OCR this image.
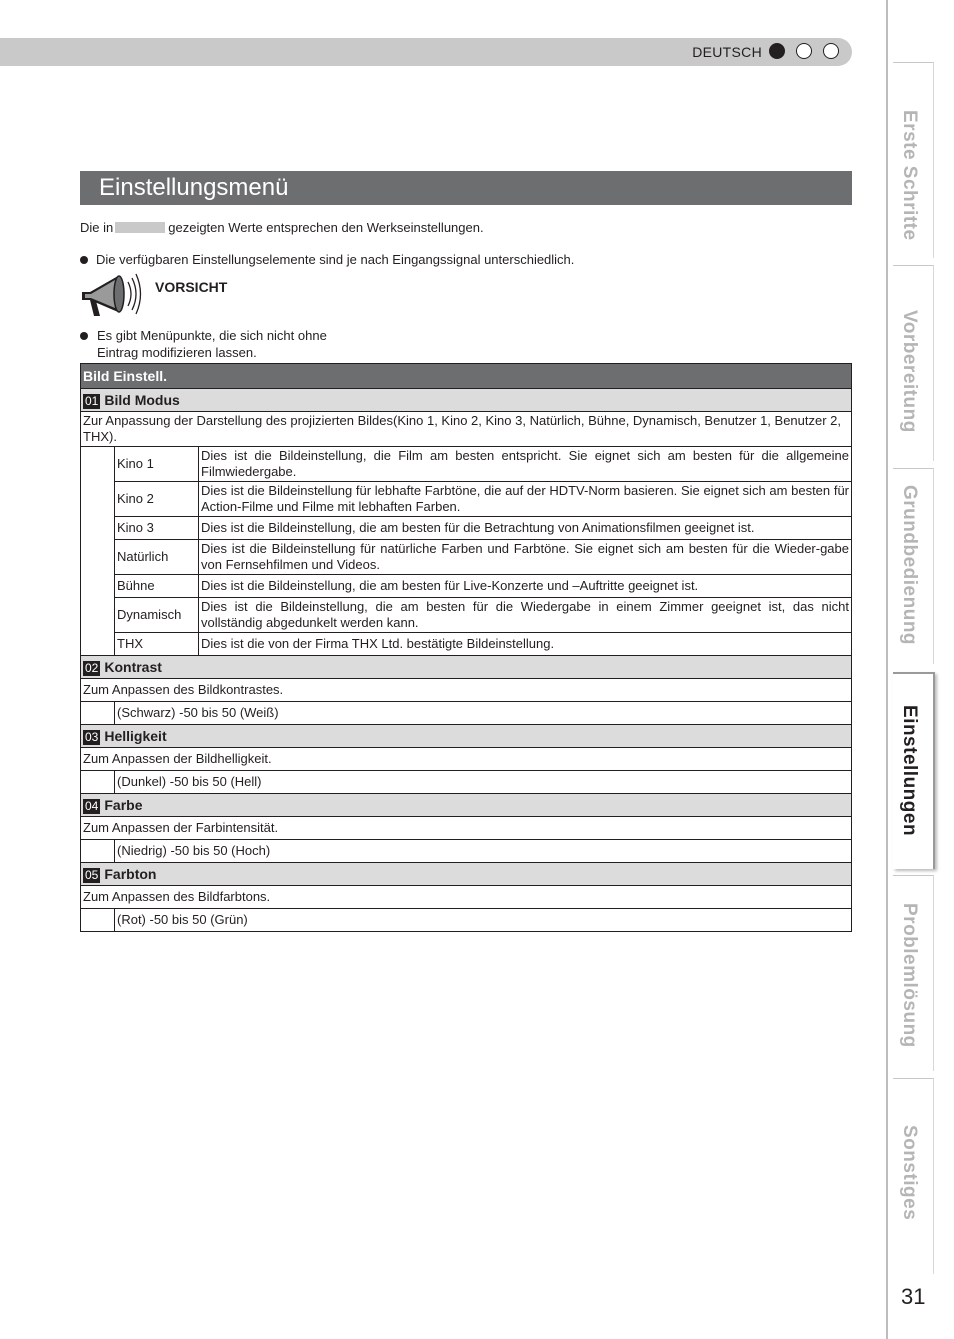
DEUTSCH
Einstellungsmenü
Die in	gezeigten Werte entsprechen den Werkseinstellungen.
Die verfügbaren Einstellungselemente sind je nach Eingangssignal unterschiedlich.
VORSICHT
Es gibt Menüpunkte, die sich nicht ohne
Eintrag modifizieren lassen.
Bild Einstell.		
01 Bild Modus		
Zur Anpassung der Darstellung des projizierten Bildes(Kino 1, Kino 2, Kino 3, Natürlich, Bühne, Dynamisch, Benutzer 1, Benutzer 2, THX).		
	Kino 1	Dies ist die Bildeinstellung, die Film am besten entspricht. Sie eignet sich am besten für die allgemeine Filmwiedergabe.
	Kino 2	Dies ist die Bildeinstellung für lebhafte Farbtöne, die auf der HDTV-Norm basieren. Sie eignet sich am besten für Action-Filme und Filme mit lebhaften Farben.
	Kino 3	Dies ist die Bildeinstellung, die am besten für die Betrachtung von Animationsfilmen geeignet ist.
	Natürlich	Dies ist die Bildeinstellung für natürliche Farben und Farbtöne. Sie eignet sich am besten für die Wieder-gabe von Fernsehfilmen und Videos.
	Bühne	Dies ist die Bildeinstellung, die am besten für Live-Konzerte und –Auftritte geeignet ist.
	Dynamisch	Dies ist die Bildeinstellung, die am besten für die Wiedergabe in einem Zimmer geeignet ist, das nicht vollständig abgedunkelt werden kann.
	THX	Dies ist die von der Firma THX Ltd. bestätigte Bildeinstellung.
02 Kontrast		
Zum Anpassen des Bildkontrastes.		
	(Schwarz) -50 bis 50 (Weiß)	
03 Helligkeit		
Zum Anpassen der Bildhelligkeit.		
	(Dunkel) -50 bis 50 (Hell)	
04 Farbe		
Zum Anpassen der Farbintensität.		
	(Niedrig) -50 bis 50 (Hoch)	
05 Farbton		
Zum Anpassen des Bildfarbtons.		
	(Rot) -50 bis 50 (Grün)	
Erste Schritte
Vorbereitung
Grundbedienung
Einstellungen
Problemlösung
Sonstiges
31
